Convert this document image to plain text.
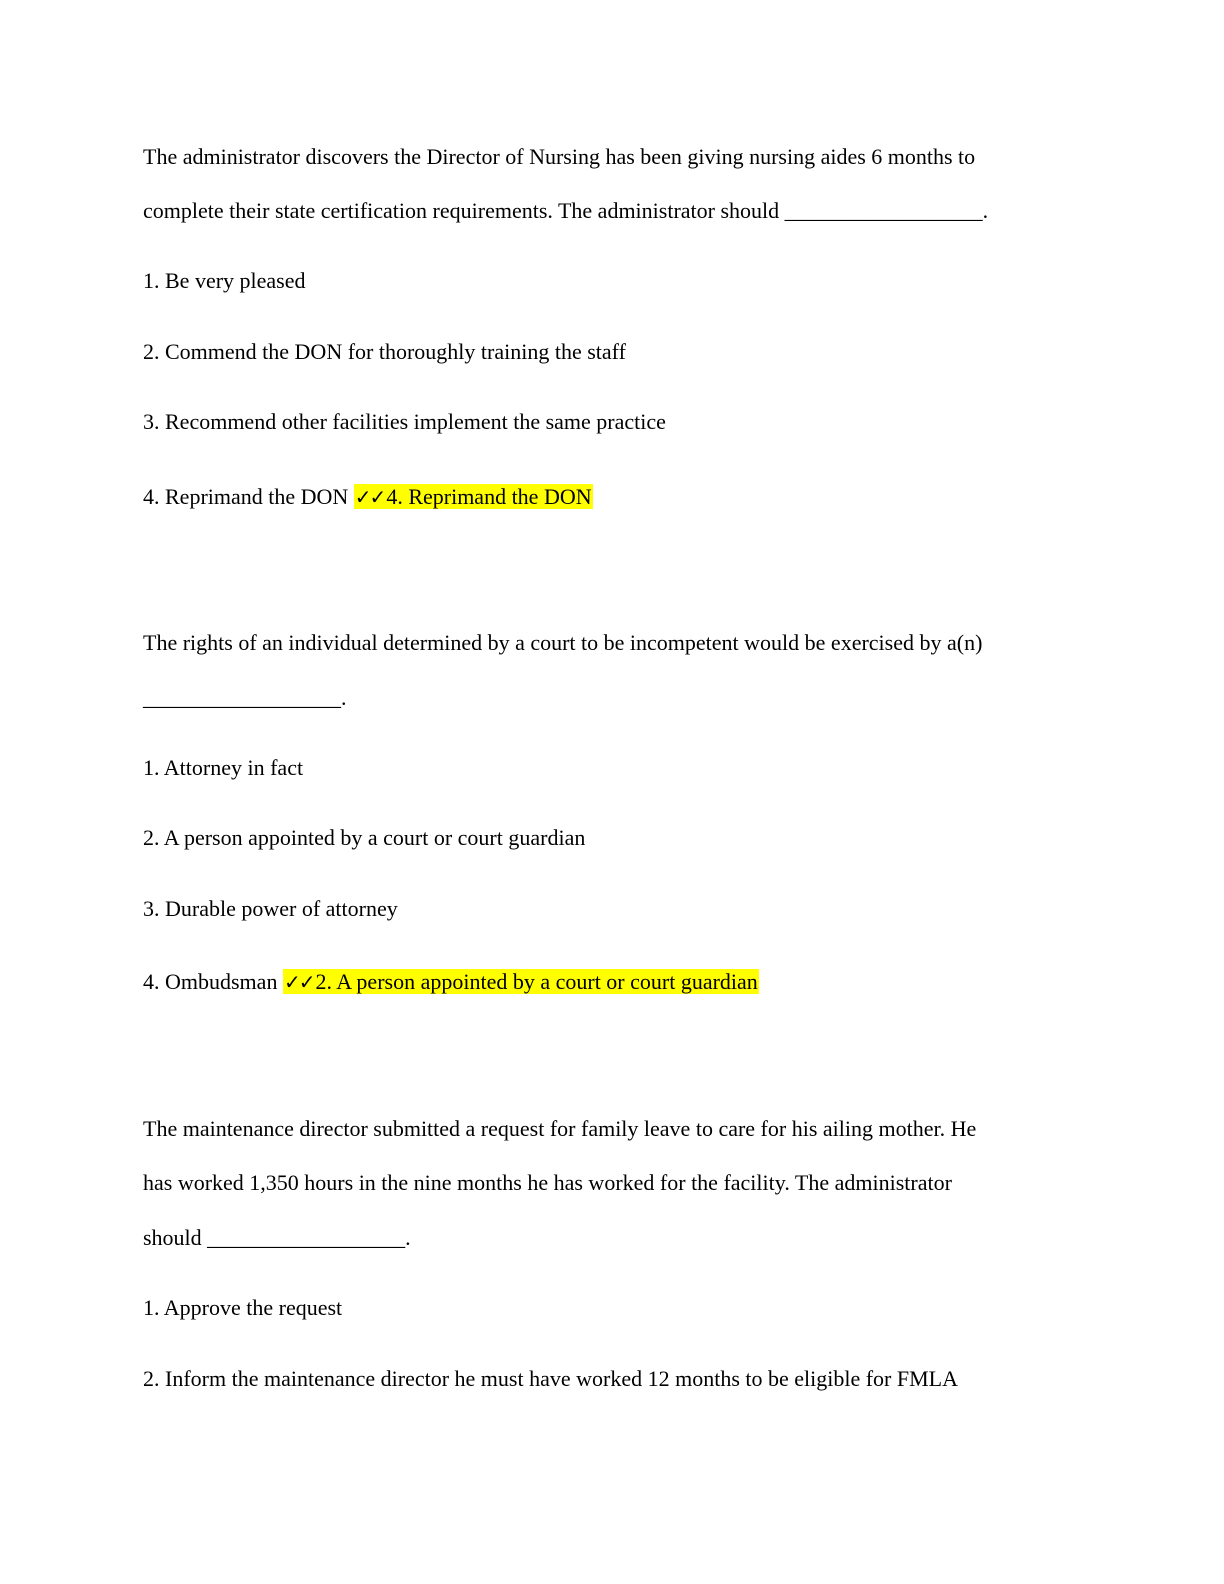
The administrator discovers the Director of Nursing has been giving nursing aides 6 months to
complete their state certification requirements. The administrator should __________________.
1. Be very pleased
2. Commend the DON for thoroughly training the staff
3. Recommend other facilities implement the same practice
4. Reprimand the DON ✓✓4. Reprimand the DON
The rights of an individual determined by a court to be incompetent would be exercised by a(n)
__________________.
1. Attorney in fact
2. A person appointed by a court or court guardian
3. Durable power of attorney
4. Ombudsman ✓✓2. A person appointed by a court or court guardian
The maintenance director submitted a request for family leave to care for his ailing mother. He
has worked 1,350 hours in the nine months he has worked for the facility. The administrator
should __________________.
1. Approve the request
2. Inform the maintenance director he must have worked 12 months to be eligible for FMLA
